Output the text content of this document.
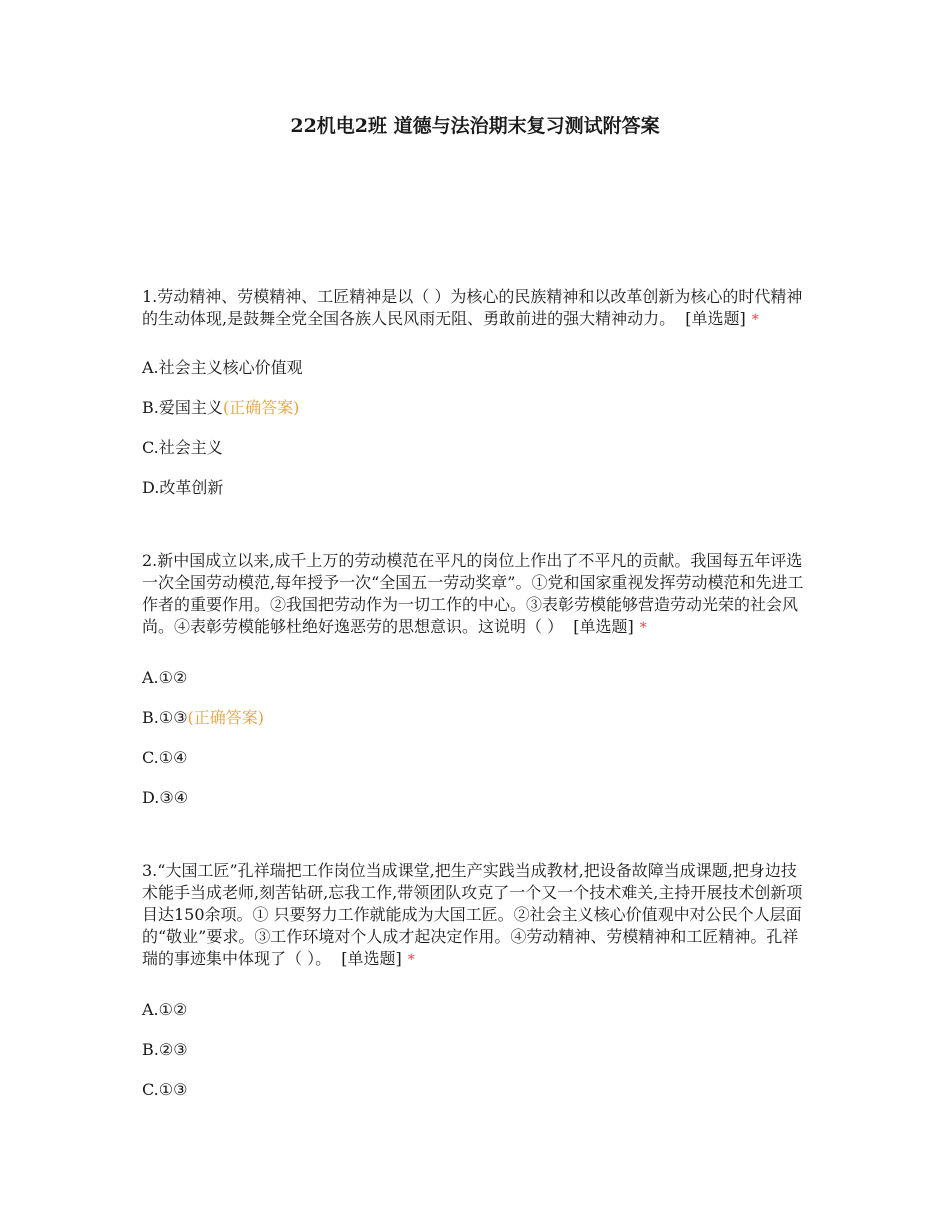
22机电2班 道德与法治期末复习测试附答案

1.劳动精神、劳模精神、工匠精神是以（ ）为核心的民族精神和以改革创新为核心的时代精神的生动体现,是鼓舞全党全国各族人民风雨无阻、勇敢前进的强大精神动力。 [单选题] *

A.社会主义核心价值观

B.爱国主义(正确答案)

C.社会主义

D.改革创新

2.新中国成立以来,成千上万的劳动模范在平凡的岗位上作出了不平凡的贡献。我国每五年评选一次全国劳动模范,每年授予一次“全国五一劳动奖章”。①党和国家重视发挥劳动模范和先进工作者的重要作用。②我国把劳动作为一切工作的中心。③表彰劳模能够营造劳动光荣的社会风尚。④表彰劳模能够杜绝好逸恶劳的思想意识。这说明（ ） [单选题] *

A.①②

B.①③(正确答案)

C.①④

D.③④

3.“大国工匠”孔祥瑞把工作岗位当成课堂,把生产实践当成教材,把设备故障当成课题,把身边技术能手当成老师,刻苦钻研,忘我工作,带领团队攻克了一个又一个技术难关,主持开展技术创新项目达150余项。① 只要努力工作就能成为大国工匠。②社会主义核心价值观中对公民个人层面的“敬业”要求。③工作环境对个人成才起决定作用。④劳动精神、劳模精神和工匠精神。孔祥瑞的事迹集中体现了（ ）。 [单选题] *

A.①②

B.②③

C.①③
